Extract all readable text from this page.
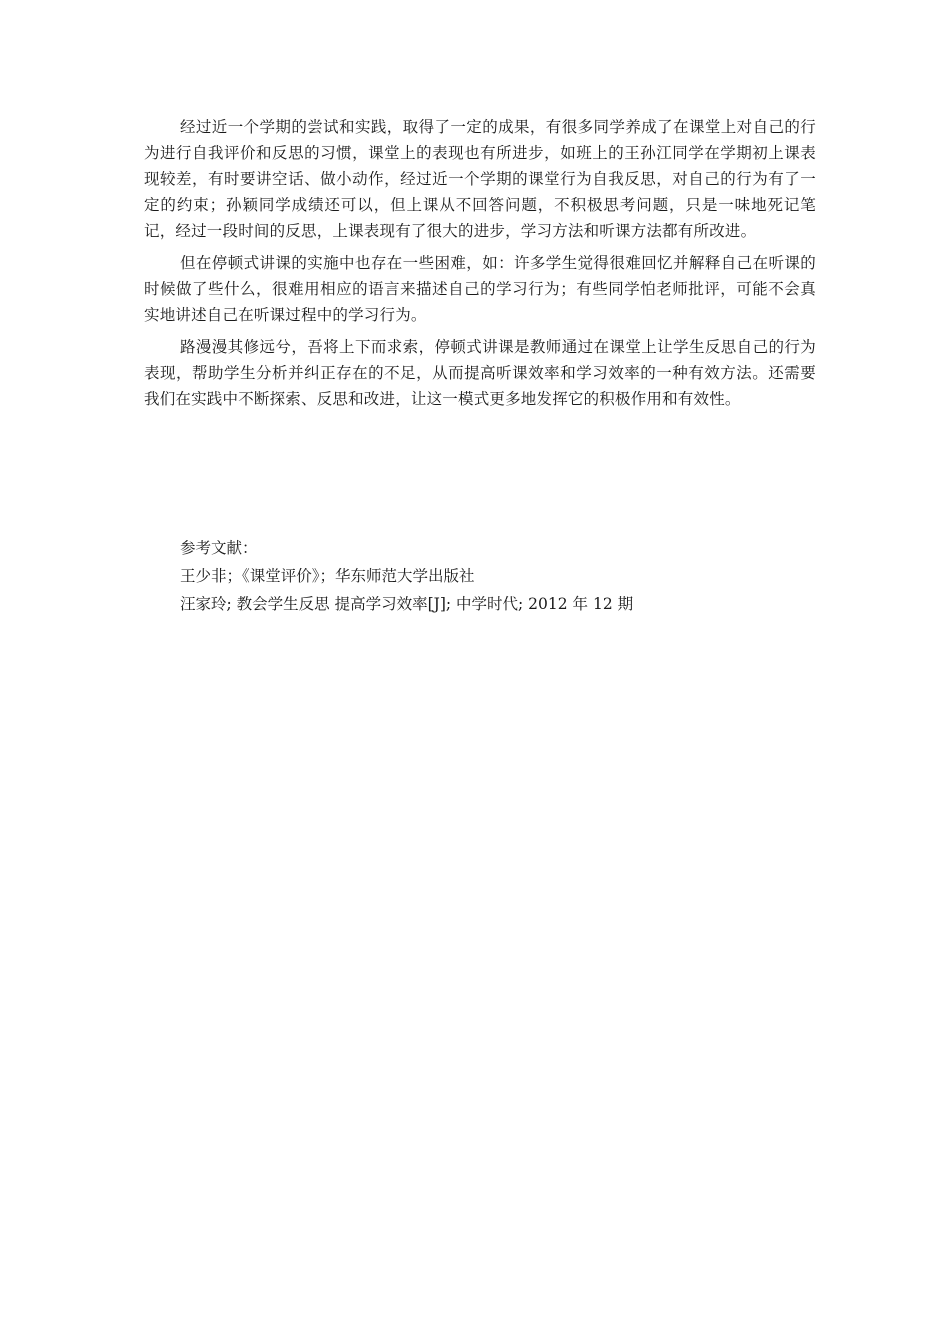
经过近一个学期的尝试和实践，取得了一定的成果，有很多同学养成了在课堂上对自己的行为进行自我评价和反思的习惯，课堂上的表现也有所进步，如班上的王孙江同学在学期初上课表现较差，有时要讲空话、做小动作，经过近一个学期的课堂行为自我反思，对自己的行为有了一定的约束；孙颖同学成绩还可以，但上课从不回答问题，不积极思考问题，只是一味地死记笔记，经过一段时间的反思，上课表现有了很大的进步，学习方法和听课方法都有所改进。

但在停顿式讲课的实施中也存在一些困难，如：许多学生觉得很难回忆并解释自己在听课的时候做了些什么，很难用相应的语言来描述自己的学习行为；有些同学怕老师批评，可能不会真实地讲述自己在听课过程中的学习行为。

路漫漫其修远兮，吾将上下而求索，停顿式讲课是教师通过在课堂上让学生反思自己的行为表现，帮助学生分析并纠正存在的不足，从而提高听课效率和学习效率的一种有效方法。还需要我们在实践中不断探索、反思和改进，让这一模式更多地发挥它的积极作用和有效性。

参考文献：

王少非；《课堂评价》；华东师范大学出版社

汪家玲; 教会学生反思 提高学习效率[J]; 中学时代; 2012 年 12 期
